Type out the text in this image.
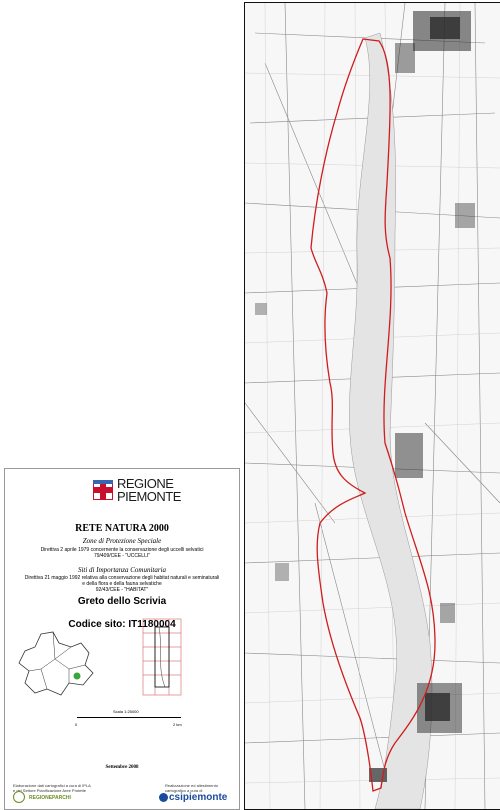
REGIONE
PIEMONTE
RETE NATURA 2000
Zone di Protezione Speciale
Direttiva 2 aprile 1979 concernente la conservazione degli uccelli selvatici
79/409/CEE - "UCCELLI"
Siti di Importanza Comunitaria
Direttiva 21 maggio 1992 relativa alla conservazione degli habitat naturali e seminaturali
e della flora e della fauna selvatiche
92/43/CEE - "HABITAT"
Greto dello Scrivia
Codice sito: IT1180004
Scala 1:25000
0	2 km
Settembre 2008
Elaborazione dati cartografici a cura di IPLA
e del Settore Pianificazione Aree Protette
REGIONEPARCHI
Realizzazione ed allestimento cartografico a cura di
csipiemonte
